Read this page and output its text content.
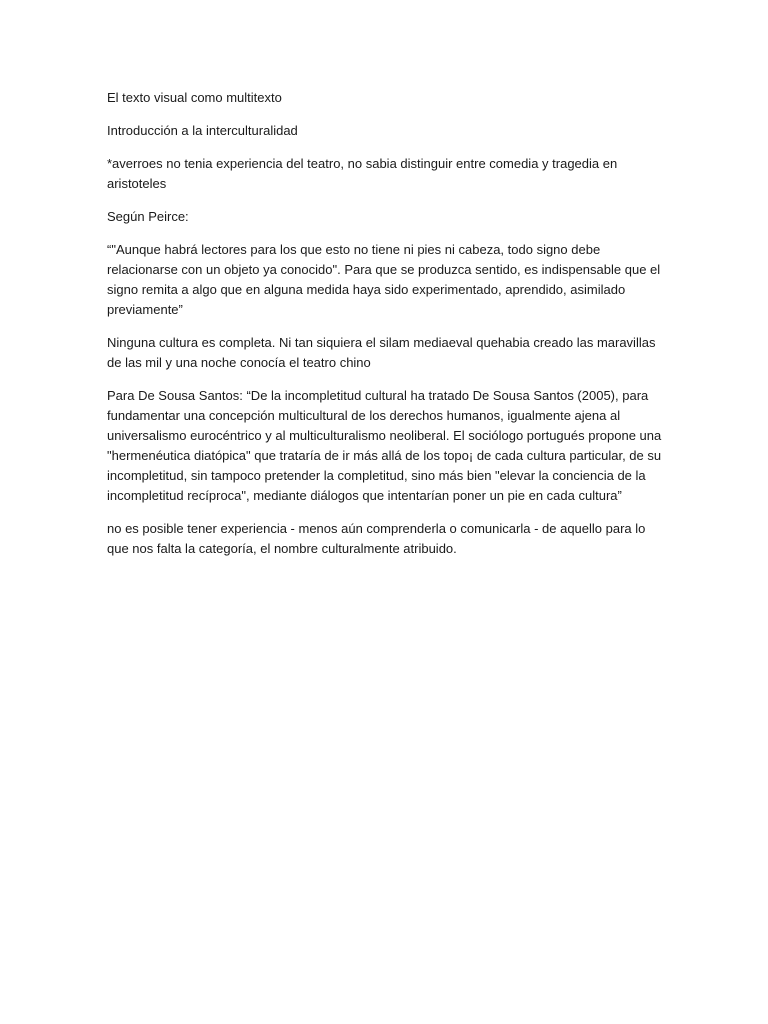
El texto visual como multitexto

Introducción a la interculturalidad

*averroes no tenia experiencia del teatro, no sabia distinguir entre comedia y tragedia en aristoteles

Según Peirce:

“"Aunque habrá lectores para los que esto no tiene ni pies ni cabeza, todo signo debe relacionarse con un objeto ya conocido". Para que se produzca sentido, es indispensable que el signo remita a algo que en alguna medida haya sido experimentado, aprendido, asimilado previamente”

Ninguna cultura es completa. Ni tan siquiera el silam mediaeval quehabia creado las maravillas de las mil y una noche conocía el teatro chino

Para De Sousa Santos: “De la incompletitud cultural ha tratado De Sousa Santos (2005), para fundamentar una concepción multicultural de los derechos humanos, igualmente ajena al universalismo eurocéntrico y al multiculturalismo neoliberal. El sociólogo portugués propone una "hermenéutica diatópica" que trataría de ir más allá de los topo¡ de cada cultura particular, de su incompletitud, sin tampoco pretender la completitud, sino más bien "elevar la conciencia de la incompletitud recíproca", mediante diálogos que intentarían poner un pie en cada cultura”

no es posible tener experiencia - menos aún comprenderla o comunicarla - de aquello para lo que nos falta la categoría, el nombre culturalmente atribuido.
